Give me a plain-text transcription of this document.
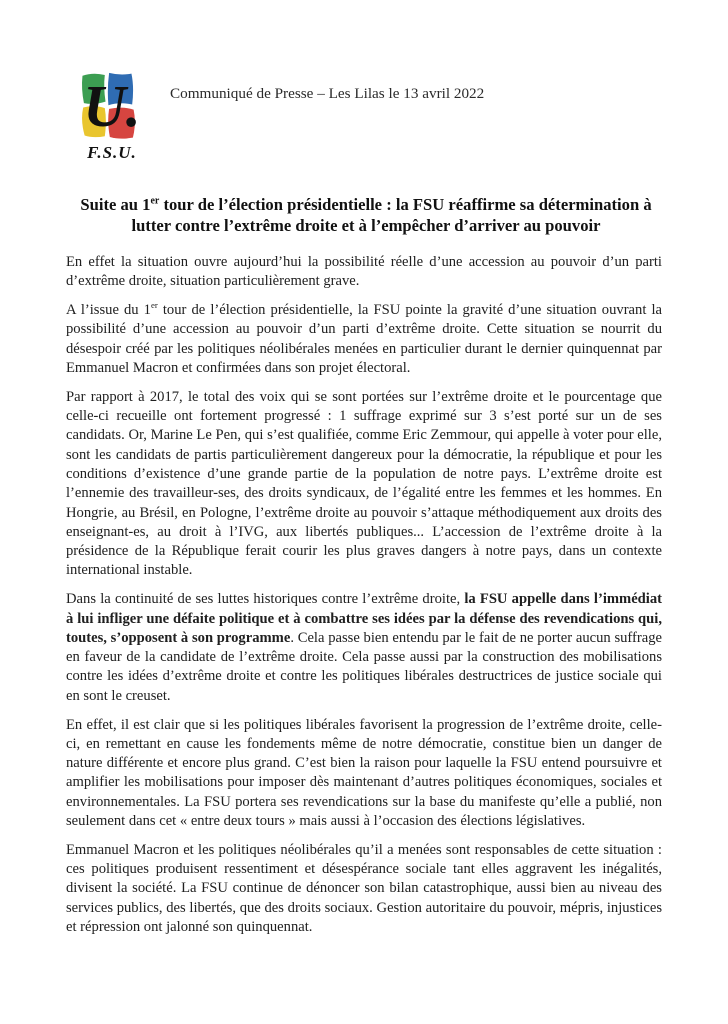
U.
F.S.U.
Communiqué de Presse – Les Lilas le 13 avril 2022
Suite au 1er tour de l’élection présidentielle : la FSU réaffirme sa détermination à lutter contre l’extrême droite et à l’empêcher d’arriver au pouvoir

En effet la situation ouvre aujourd’hui la possibilité réelle d’une accession au pouvoir d’un parti d’extrême droite, situation particulièrement grave.

A l’issue du 1er tour de l’élection présidentielle, la FSU pointe la gravité d’une situation ouvrant la possibilité d’une accession au pouvoir d’un parti d’extrême droite. Cette situation se nourrit du désespoir créé par les politiques néolibérales menées en particulier durant le dernier quinquennat par Emmanuel Macron et confirmées dans son projet électoral.

Par rapport à 2017, le total des voix qui se sont portées sur l’extrême droite et le pourcentage que celle-ci recueille ont fortement progressé : 1 suffrage exprimé sur 3 s’est porté sur un de ses candidats. Or, Marine Le Pen, qui s’est qualifiée, comme Eric Zemmour, qui appelle à voter pour elle, sont les candidats de partis particulièrement dangereux pour la démocratie, la république et pour les conditions d’existence d’une grande partie de la population de notre pays. L’extrême droite est l’ennemie des travailleur-ses, des droits syndicaux, de l’égalité entre les femmes et les hommes. En Hongrie, au Brésil, en Pologne, l’extrême droite au pouvoir s’attaque méthodiquement aux droits des enseignant-es, au droit à l’IVG, aux libertés publiques... L’accession de l’extrême droite à la présidence de la République ferait courir les plus graves dangers à notre pays, dans un contexte international instable.

Dans la continuité de ses luttes historiques contre l’extrême droite, la FSU appelle dans l’immédiat à lui infliger une défaite politique et à combattre ses idées par la défense des revendications qui, toutes, s’opposent à son programme. Cela passe bien entendu par le fait de ne porter aucun suffrage en faveur de la candidate de l’extrême droite. Cela passe aussi par la construction des mobilisations contre les idées d’extrême droite et contre les politiques libérales destructrices de justice sociale qui en sont le creuset.

En effet, il est clair que si les politiques libérales favorisent la progression de l’extrême droite, celle-ci, en remettant en cause les fondements même de notre démocratie, constitue bien un danger de nature différente et encore plus grand. C’est bien la raison pour laquelle la FSU entend poursuivre et amplifier les mobilisations pour imposer dès maintenant d’autres politiques économiques, sociales et environnementales. La FSU portera ses revendications sur la base du manifeste qu’elle a publié, non seulement dans cet « entre deux tours » mais aussi à l’occasion des élections législatives.

Emmanuel Macron et les politiques néolibérales qu’il a menées sont responsables de cette situation : ces politiques produisent ressentiment et désespérance sociale tant elles aggravent les inégalités, divisent la société. La FSU continue de dénoncer son bilan catastrophique, aussi bien au niveau des services publics, des libertés, que des droits sociaux. Gestion autoritaire du pouvoir, mépris, injustices et répression ont jalonné son quinquennat.
